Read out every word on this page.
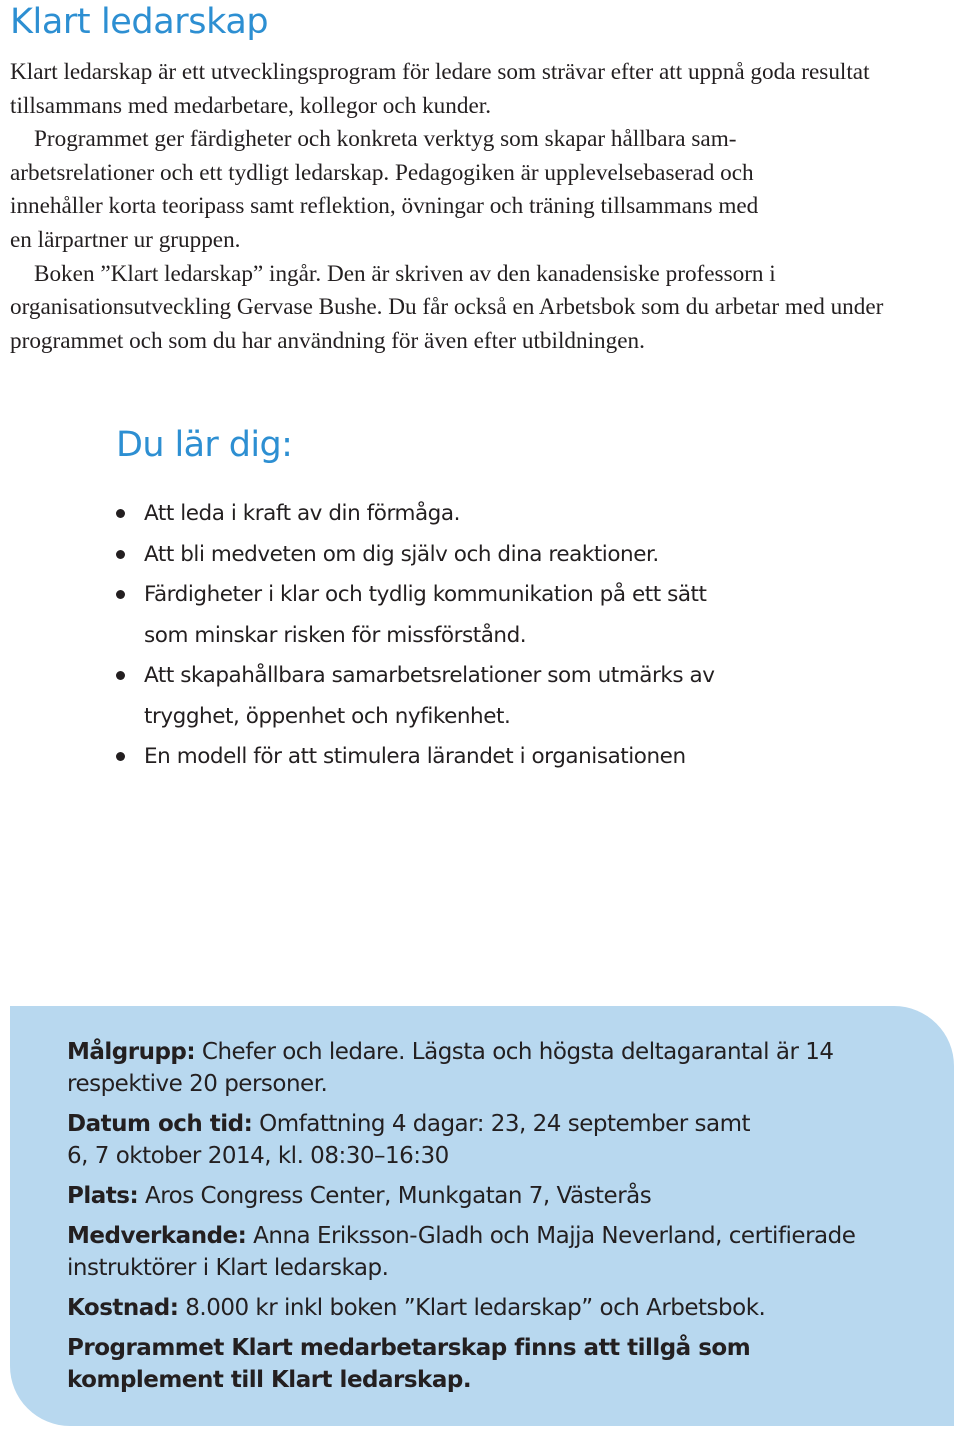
Klart ledarskap

Klart ledarskap är ett utvecklingsprogram för ledare som strävar efter att uppnå goda resultat tillsammans med medarbetare, kollegor och kunder.

Programmet ger färdigheter och konkreta verktyg som skapar hållbara sam-
arbetsrelationer och ett tydligt ledarskap. Pedagogiken är upplevelsebaserad och
innehåller korta teoripass samt reflektion, övningar och träning tillsammans med
en lärpartner ur gruppen.

Boken ”Klart ledarskap” ingår. Den är skriven av den kanadensiske professorn i organisationsutveckling Gervase Bushe. Du får också en Arbetsbok som du arbetar med under programmet och som du har användning för även efter utbildningen.

Du lär dig:
Att leda i kraft av din förmåga.
Att bli medveten om dig själv och dina reaktioner.
Färdigheter i klar och tydlig kommunikation på ett sätt som minskar risken för missförstånd.
Att skapahållbara samarbetsrelationer som utmärks av trygghet, öppenhet och nyfikenhet.
En modell för att stimulera lärandet i organisationen

Målgrupp: Chefer och ledare. Lägsta och högsta deltagarantal är 14 respektive 20 personer.

Datum och tid: Omfattning 4 dagar: 23, 24 september samt
6, 7 oktober 2014, kl. 08:30–16:30

Plats: Aros Congress Center, Munkgatan 7, Västerås

Medverkande: Anna Eriksson-Gladh och Majja Neverland, certifierade instruktörer i Klart ledarskap.

Kostnad: 8.000 kr inkl boken ”Klart ledarskap” och Arbetsbok.

Programmet Klart medarbetarskap finns att tillgå som komplement till Klart ledarskap.
